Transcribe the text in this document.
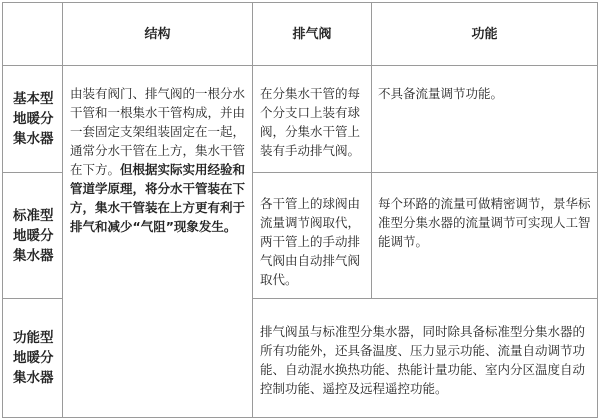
结构	排气阀	功能
基本型地暖分集水器
标准型地暖分集水器
功能型地暖分集水器
由装有阀门、排气阀的一根分水干管和一根集水干管构成，并由一套固定支架组装固定在一起，通常分水干管在上方，集水干管在下方。但根据实际实用经验和管道学原理，将分水干管装在下方，集水干管装在上方更有利于排气和减少“气阻”现象发生。
在分集水干管的每个分支口上装有球阀，分集水干管上装有手动排气阀。
各干管上的球阀由流量调节阀取代，两干管上的手动排气阀由自动排气阀取代。
不具备流量调节功能。
每个环路的流量可做精密调节，景华标准型分集水器的流量调节可实现人工智能调节。
排气阀虽与标准型分集水器，同时除具备标准型分集水器的所有功能外，还具备温度、压力显示功能、流量自动调节功能、自动混水换热功能、热能计量功能、室内分区温度自动控制功能、遥控及远程遥控功能。
